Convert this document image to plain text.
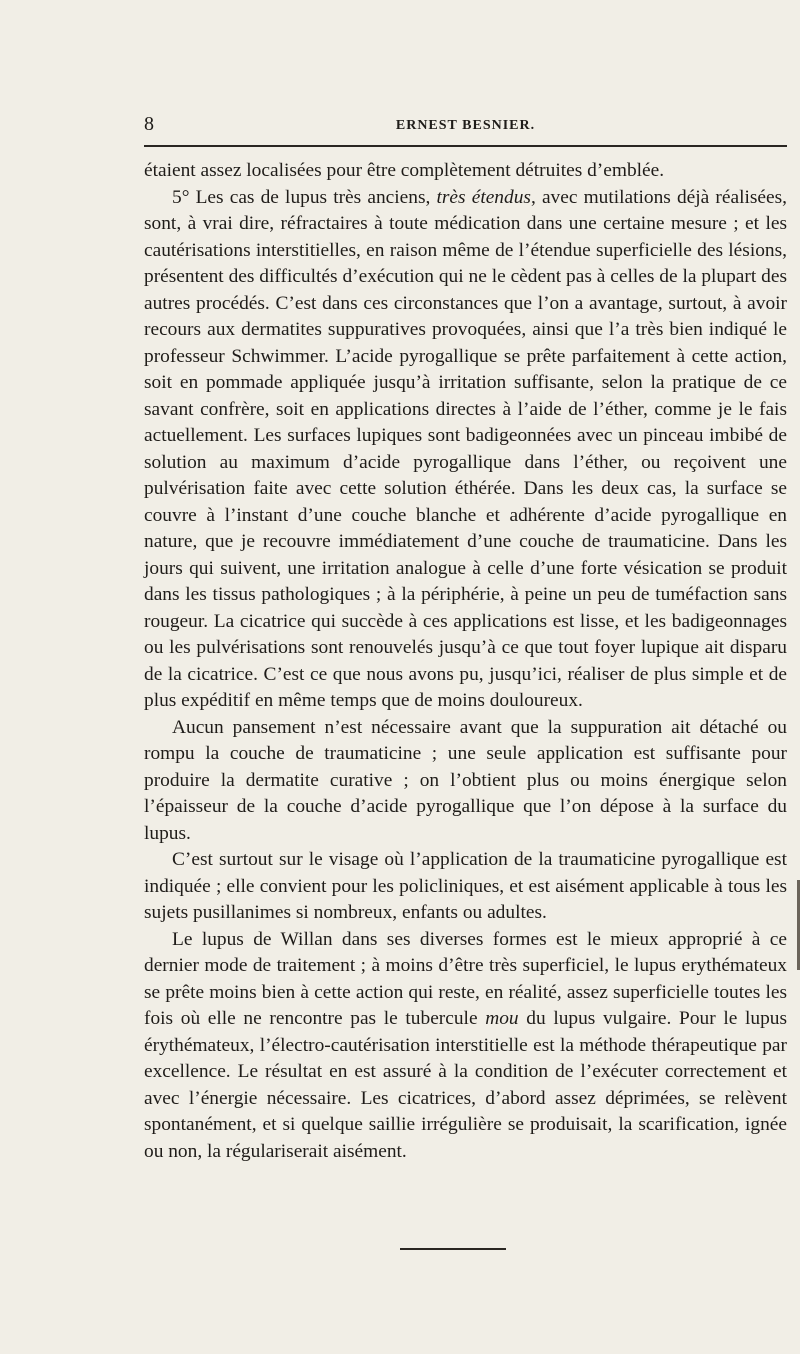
8	ERNEST BESNIER.

étaient assez localisées pour être complètement détruites d’emblée.

5° Les cas de lupus très anciens, très étendus, avec mutilations déjà réalisées, sont, à vrai dire, réfractaires à toute médication dans une certaine mesure ; et les cautérisations interstitielles, en raison même de l’étendue superficielle des lésions, présentent des difficultés d’exécution qui ne le cèdent pas à celles de la plupart des autres procédés. C’est dans ces circonstances que l’on a avantage, surtout, à avoir recours aux dermatites suppuratives provoquées, ainsi que l’a très bien indiqué le professeur Schwimmer. L’acide pyrogallique se prête parfaitement à cette action, soit en pommade appliquée jusqu’à irritation suffisante, selon la pratique de ce savant confrère, soit en applications directes à l’aide de l’éther, comme je le fais actuellement. Les surfaces lupiques sont badigeonnées avec un pinceau imbibé de solution au maximum d’acide pyrogallique dans l’éther, ou reçoivent une pulvérisation faite avec cette solution éthérée. Dans les deux cas, la surface se couvre à l’instant d’une couche blanche et adhérente d’acide pyrogallique en nature, que je recouvre immédiatement d’une couche de traumaticine. Dans les jours qui suivent, une irritation analogue à celle d’une forte vésication se produit dans les tissus pathologiques ; à la périphérie, à peine un peu de tuméfaction sans rougeur. La cicatrice qui succède à ces applications est lisse, et les badigeonnages ou les pulvérisations sont renouvelés jusqu’à ce que tout foyer lupique ait disparu de la cicatrice. C’est ce que nous avons pu, jusqu’ici, réaliser de plus simple et de plus expéditif en même temps que de moins douloureux.

Aucun pansement n’est nécessaire avant que la suppuration ait détaché ou rompu la couche de traumaticine ; une seule application est suffisante pour produire la dermatite curative ; on l’obtient plus ou moins énergique selon l’épaisseur de la couche d’acide pyrogallique que l’on dépose à la surface du lupus.

C’est surtout sur le visage où l’application de la traumaticine pyrogallique est indiquée ; elle convient pour les policliniques, et est aisément applicable à tous les sujets pusillanimes si nombreux, enfants ou adultes.

Le lupus de Willan dans ses diverses formes est le mieux approprié à ce dernier mode de traitement ; à moins d’être très superficiel, le lupus erythémateux se prête moins bien à cette action qui reste, en réalité, assez superficielle toutes les fois où elle ne rencontre pas le tubercule mou du lupus vulgaire. Pour le lupus érythémateux, l’électro-cautérisation interstitielle est la méthode thérapeutique par excellence. Le résultat en est assuré à la condition de l’exécuter correctement et avec l’énergie nécessaire. Les cicatrices, d’abord assez déprimées, se relèvent spontanément, et si quelque saillie irrégulière se produisait, la scarification, ignée ou non, la régulariserait aisément.
